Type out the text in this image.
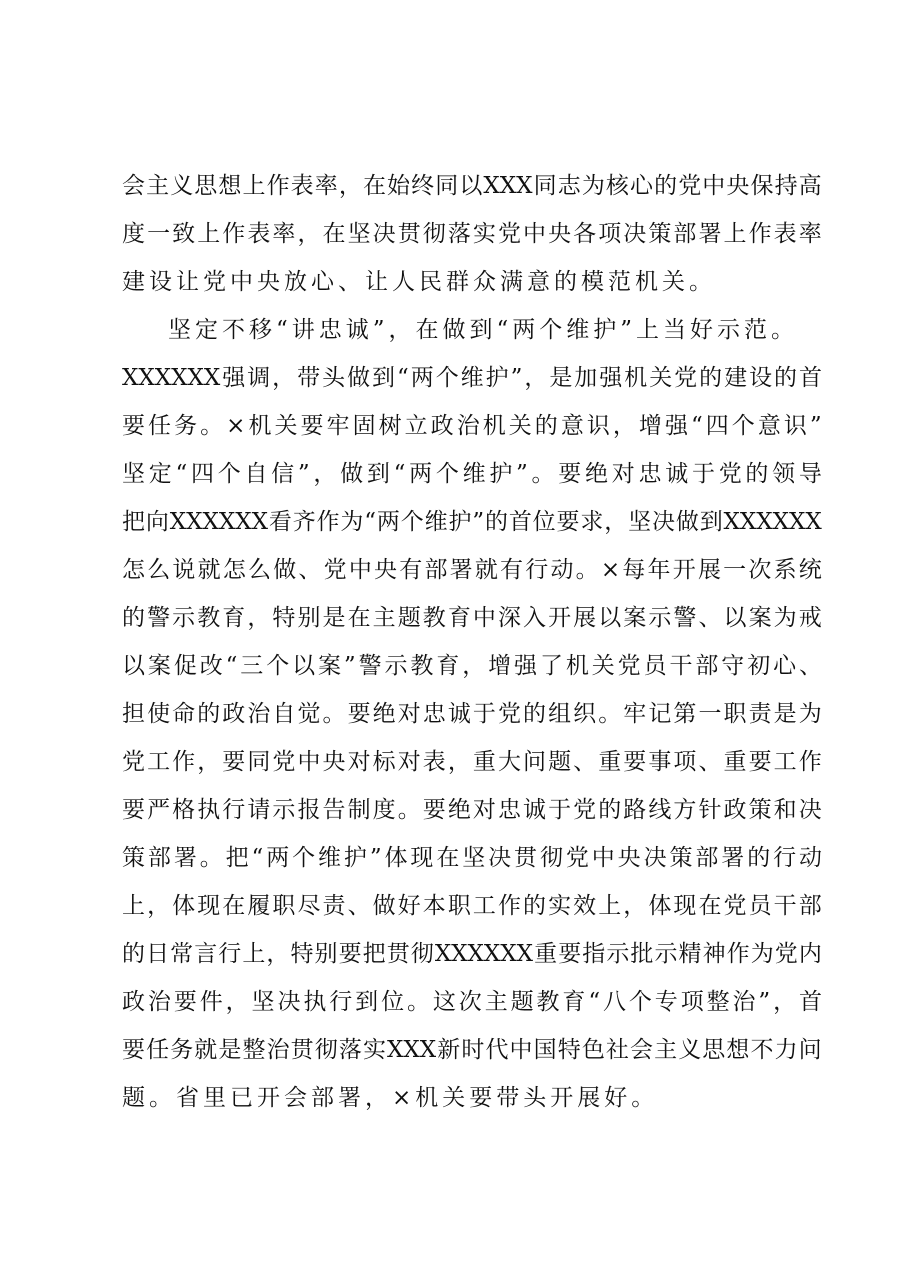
会 主 义 思 想 上 作 表 率 ， 在 始 终 同 以 XXX 同 志 为 核 心 的 党 中 央 保 持 高
度 一 致 上 作 表 率 ， 在 坚 决 贯 彻 落 实 党 中 央 各 项 决 策 部 署 上 作 表 率
建设让党中央放心、让人民群众满意的模范机关。
坚定不移“讲忠诚”，在做到“两个维护”上当好示范。
XXXXXX 强 调 ， 带 头 做 到 “ 两 个 维 护 ” ， 是 加 强 机 关 党 的 建 设 的 首
要 任 务 。 × 机 关 要 牢 固 树 立 政 治 机 关 的 意 识 ， 增 强 “ 四 个 意 识 ”
坚 定 “ 四 个 自 信 ” ， 做 到 “ 两 个 维 护 ” 。 要 绝 对 忠 诚 于 党 的 领 导
把 向 XXXXXX 看 齐 作 为 “ 两 个 维 护 ” 的 首 位 要 求 ， 坚 决 做 到 XXXXXX
怎 么 说 就 怎 么 做 、 党 中 央 有 部 署 就 有 行 动 。 × 每 年 开 展 一 次 系 统
的 警 示 教 育 ， 特 别 是 在 主 题 教 育 中 深 入 开 展 以 案 示 警 、 以 案 为 戒
以 案 促 改 “ 三 个 以 案 ” 警 示 教 育 ， 增 强 了 机 关 党 员 干 部 守 初 心 、
担 使 命 的 政 治 自 觉 。 要 绝 对 忠 诚 于 党 的 组 织 。 牢 记 第 一 职 责 是 为
党 工 作 ， 要 同 党 中 央 对 标 对 表 ， 重 大 问 题 、 重 要 事 项 、 重 要 工 作
要 严 格 执 行 请 示 报 告 制 度 。 要 绝 对 忠 诚 于 党 的 路 线 方 针 政 策 和 决
策 部 署 。 把 “ 两 个 维 护 ” 体 现 在 坚 决 贯 彻 党 中 央 决 策 部 署 的 行 动
上 ， 体 现 在 履 职 尽 责 、 做 好 本 职 工 作 的 实 效 上 ， 体 现 在 党 员 干 部
的 日 常 言 行 上 ， 特 别 要 把 贯 彻 XXXXXX 重 要 指 示 批 示 精 神 作 为 党 内
政 治 要 件 ， 坚 决 执 行 到 位 。 这 次 主 题 教 育 “ 八 个 专 项 整 治 ” ， 首
要 任 务 就 是 整 治 贯 彻 落 实 XXX 新 时 代 中 国 特 色 社 会 主 义 思 想 不 力 问
题。省里已开会部署，×机关要带头开展好。
